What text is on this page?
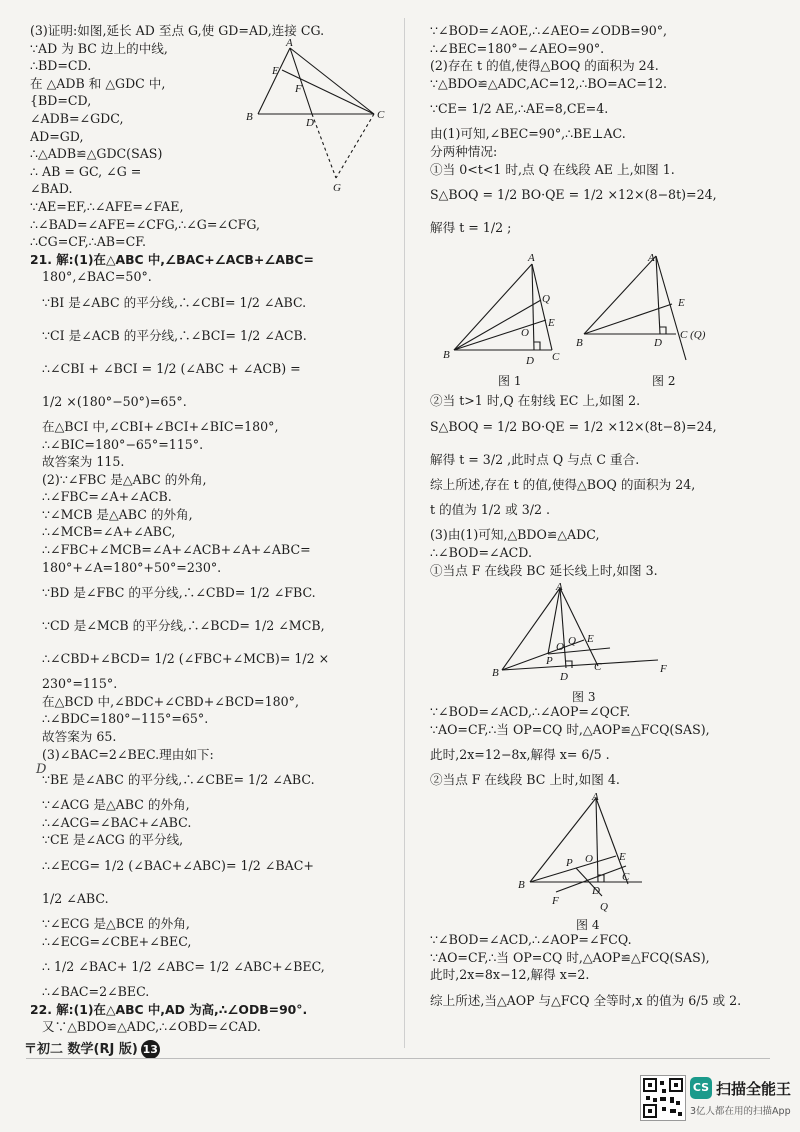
(3)证明:如图,延长 AD 至点 G,使 GD=AD,连接 CG.
∵AD 为 BC 边上的中线,
∴BD=CD.
在 △ADB 和 △GDC 中,
{BD=CD,
∠ADB=∠GDC,
AD=GD,
∴△ADB≌△GDC(SAS)
∴ AB = GC, ∠G =
∠BAD.
∵AE=EF,∴∠AFE=∠FAE,
∴∠BAD=∠AFE=∠CFG,∴∠G=∠CFG,
∴CG=CF,∴AB=CF.
21. 解:(1)在△ABC 中,∠BAC+∠ACB+∠ABC=
180°,∠BAC=50°.
∵BI 是∠ABC 的平分线,∴∠CBI= 1/2 ∠ABC.
∵CI 是∠ACB 的平分线,∴∠BCI= 1/2 ∠ACB.
∴∠CBI + ∠BCI = 1/2 (∠ABC + ∠ACB) =
1/2 ×(180°−50°)=65°.
在△BCI 中,∠CBI+∠BCI+∠BIC=180°,
∴∠BIC=180°−65°=115°.
故答案为 115.
(2)∵∠FBC 是△ABC 的外角,
∴∠FBC=∠A+∠ACB.
∵∠MCB 是△ABC 的外角,
∴∠MCB=∠A+∠ABC,
∴∠FBC+∠MCB=∠A+∠ACB+∠A+∠ABC=
180°+∠A=180°+50°=230°.
∵BD 是∠FBC 的平分线,∴∠CBD= 1/2 ∠FBC.
∵CD 是∠MCB 的平分线,∴∠BCD= 1/2 ∠MCB,
∴∠CBD+∠BCD= 1/2 (∠FBC+∠MCB)= 1/2 ×
230°=115°.
在△BCD 中,∠BDC+∠CBD+∠BCD=180°,
∴∠BDC=180°−115°=65°.
故答案为 65.
(3)∠BAC=2∠BEC.理由如下:
∵BE 是∠ABC 的平分线,∴∠CBE= 1/2 ∠ABC.
∵∠ACG 是△ABC 的外角,
∴∠ACG=∠BAC+∠ABC.
∵CE 是∠ACG 的平分线,
∴∠ECG= 1/2 (∠BAC+∠ABC)= 1/2 ∠BAC+
1/2 ∠ABC.
∵∠ECG 是△BCE 的外角,
∴∠ECG=∠CBE+∠BEC,
∴ 1/2 ∠BAC+ 1/2 ∠ABC= 1/2 ∠ABC+∠BEC,
∴∠BAC=2∠BEC.
22. 解:(1)在△ABC 中,AD 为高,∴∠ODB=90°.
又∵△BDO≌△ADC,∴∠OBD=∠CAD.
A
E
F
B	D
C
G
D
∵∠BOD=∠AOE,∴∠AEO=∠ODB=90°,
∴∠BEC=180°−∠AEO=90°.
(2)存在 t 的值,使得△BOQ 的面积为 24.
∵△BDO≌△ADC,AC=12,∴BO=AC=12.
∵CE= 1/2 AE,∴AE=8,CE=4.
由(1)可知,∠BEC=90°,∴BE⊥AC.
分两种情况:
①当 0<t<1 时,点 Q 在线段 AE 上,如图 1.
S△BOQ = 1/2 BO·QE = 1/2 ×12×(8−8t)=24,
解得 t = 1/2 ;
②当 t>1 时,Q 在射线 EC 上,如图 2.
S△BOQ = 1/2 BO·QE = 1/2 ×12×(8t−8)=24,
解得 t = 3/2 ,此时点 Q 与点 C 重合.
综上所述,存在 t 的值,使得△BOQ 的面积为 24,
t 的值为 1/2 或 3/2 .
(3)由(1)可知,△BDO≌△ADC,
∴∠BOD=∠ACD.
①当点 F 在线段 BC 延长线上时,如图 3.
∵∠BOD=∠ACD,∴∠AOP=∠QCF.
∵AO=CF,∴当 OP=CQ 时,△AOP≌△FCQ(SAS),
此时,2x=12−8x,解得 x= 6/5 .
②当点 F 在线段 BC 上时,如图 4.
∵∠BOD=∠ACD,∴∠AOP=∠FCQ.
∵AO=CF,∴当 OP=CQ 时,△AOP≌△FCQ(SAS),
此时,2x=8x−12,解得 x=2.
综上所述,当△AOP 与△FCQ 全等时,x 的值为 6/5 或 2.
A
Q
E
O
B	D C
图 1
A
E
C (Q)
B	D
图 2
A
Q E
O
P
B	D
C	F
图 3
A
E
P O
C
B
F
D
Q
图 4
〒初二 数学(RJ 版) 13
CS 扫描全能王
3亿人都在用的扫描App
